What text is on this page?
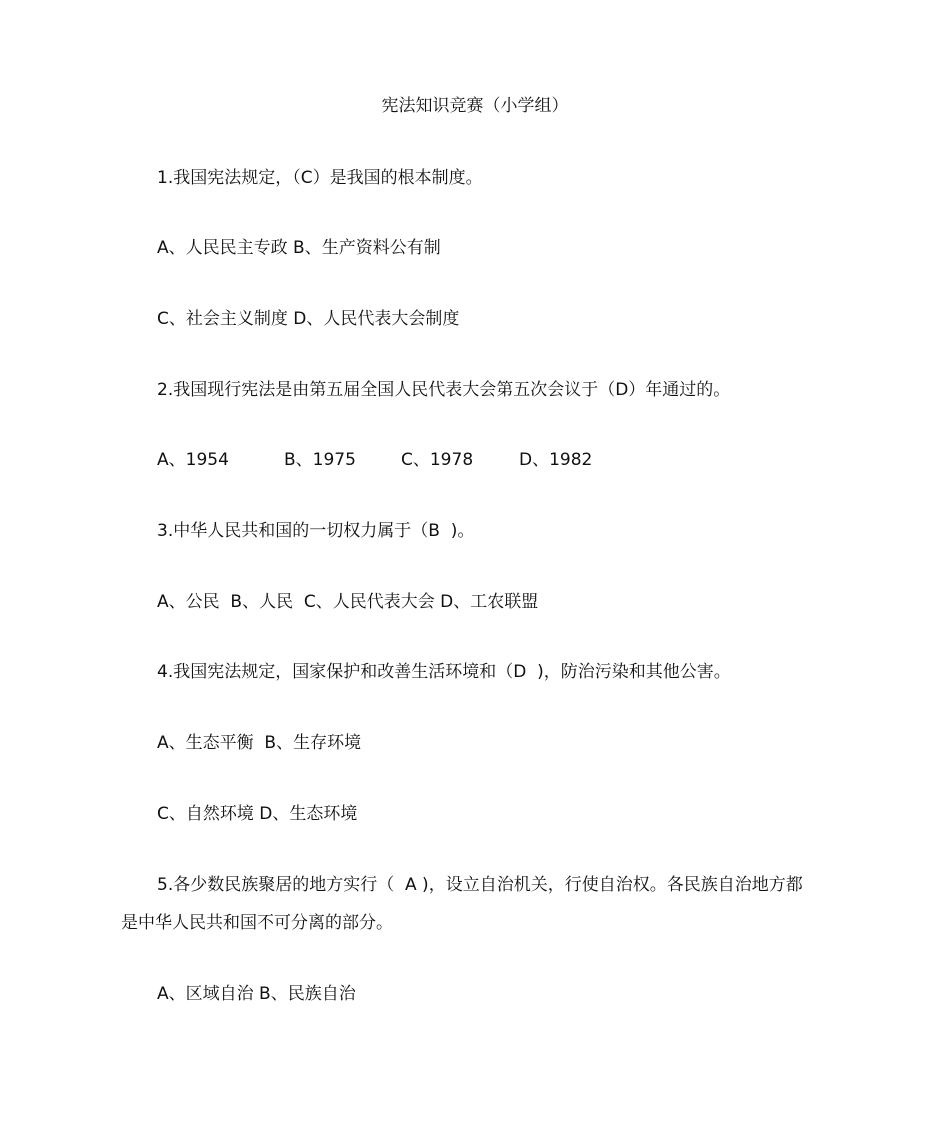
宪法知识竞赛（小学组）
1.我国宪法规定，（C）是我国的根本制度。
A、人民民主专政 B、生产资料公有制
C、社会主义制度 D、人民代表大会制度
2.我国现行宪法是由第五届全国人民代表大会第五次会议于（D）年通过的。
A、1954	B、1975	C、1978	D、1982
3.中华人民共和国的一切权力属于（B  )。
A、公民  B、人民  C、人民代表大会 D、工农联盟
4.我国宪法规定，国家保护和改善生活环境和（D  )，防治污染和其他公害。
A、生态平衡  B、生存环境
C、自然环境 D、生态环境
5.各少数民族聚居的地方实行（  A )，设立自治机关，行使自治权。各民族自治地方都
是中华人民共和国不可分离的部分。
A、区域自治 B、民族自治
